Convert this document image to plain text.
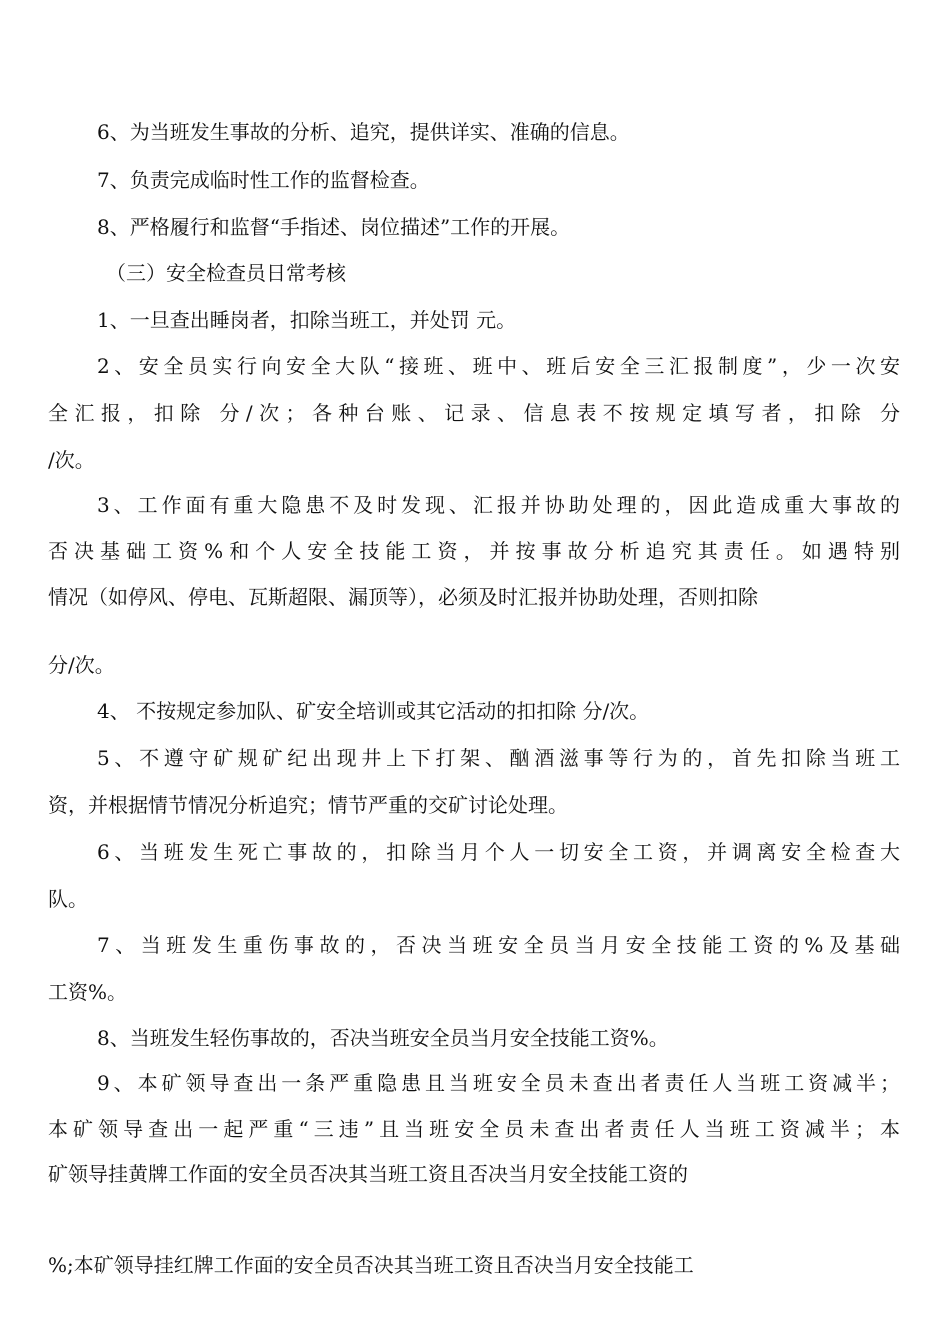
6、为当班发生事故的分析、追究，提供详实、准确的信息。

7、负责完成临时性工作的监督检查。

8、严格履行和监督“手指述、岗位描述”工作的开展。

（三）安全检查员日常考核

1、一旦查出睡岗者，扣除当班工，并处罚 元。

2、安全员实行向安全大队“接班、班中、班后安全三汇报制度”，少一次安

全汇报，扣除 分/次；各种台账、记录、信息表不按规定填写者，扣除 分

/次。

3、工作面有重大隐患不及时发现、汇报并协助处理的，因此造成重大事故的

否决基础工资%和个人安全技能工资，并按事故分析追究其责任。如遇特别

情况（如停风、停电、瓦斯超限、漏顶等），必须及时汇报并协助处理，否则扣除

分/次。

4、 不按规定参加队、矿安全培训或其它活动的扣扣除 分/次。

5、不遵守矿规矿纪出现井上下打架、酗酒滋事等行为的，首先扣除当班工

资，并根据情节情况分析追究；情节严重的交矿讨论处理。

6、当班发生死亡事故的，扣除当月个人一切安全工资，并调离安全检查大

队。

7、当班发生重伤事故的，否决当班安全员当月安全技能工资的%及基础

工资%。

8、当班发生轻伤事故的，否决当班安全员当月安全技能工资%。

9、本矿领导查出一条严重隐患且当班安全员未查出者责任人当班工资减半；

本矿领导查出一起严重“三违”且当班安全员未查出者责任人当班工资减半；本

矿领导挂黄牌工作面的安全员否决其当班工资且否决当月安全技能工资的

%;本矿领导挂红牌工作面的安全员否决其当班工资且否决当月安全技能工
